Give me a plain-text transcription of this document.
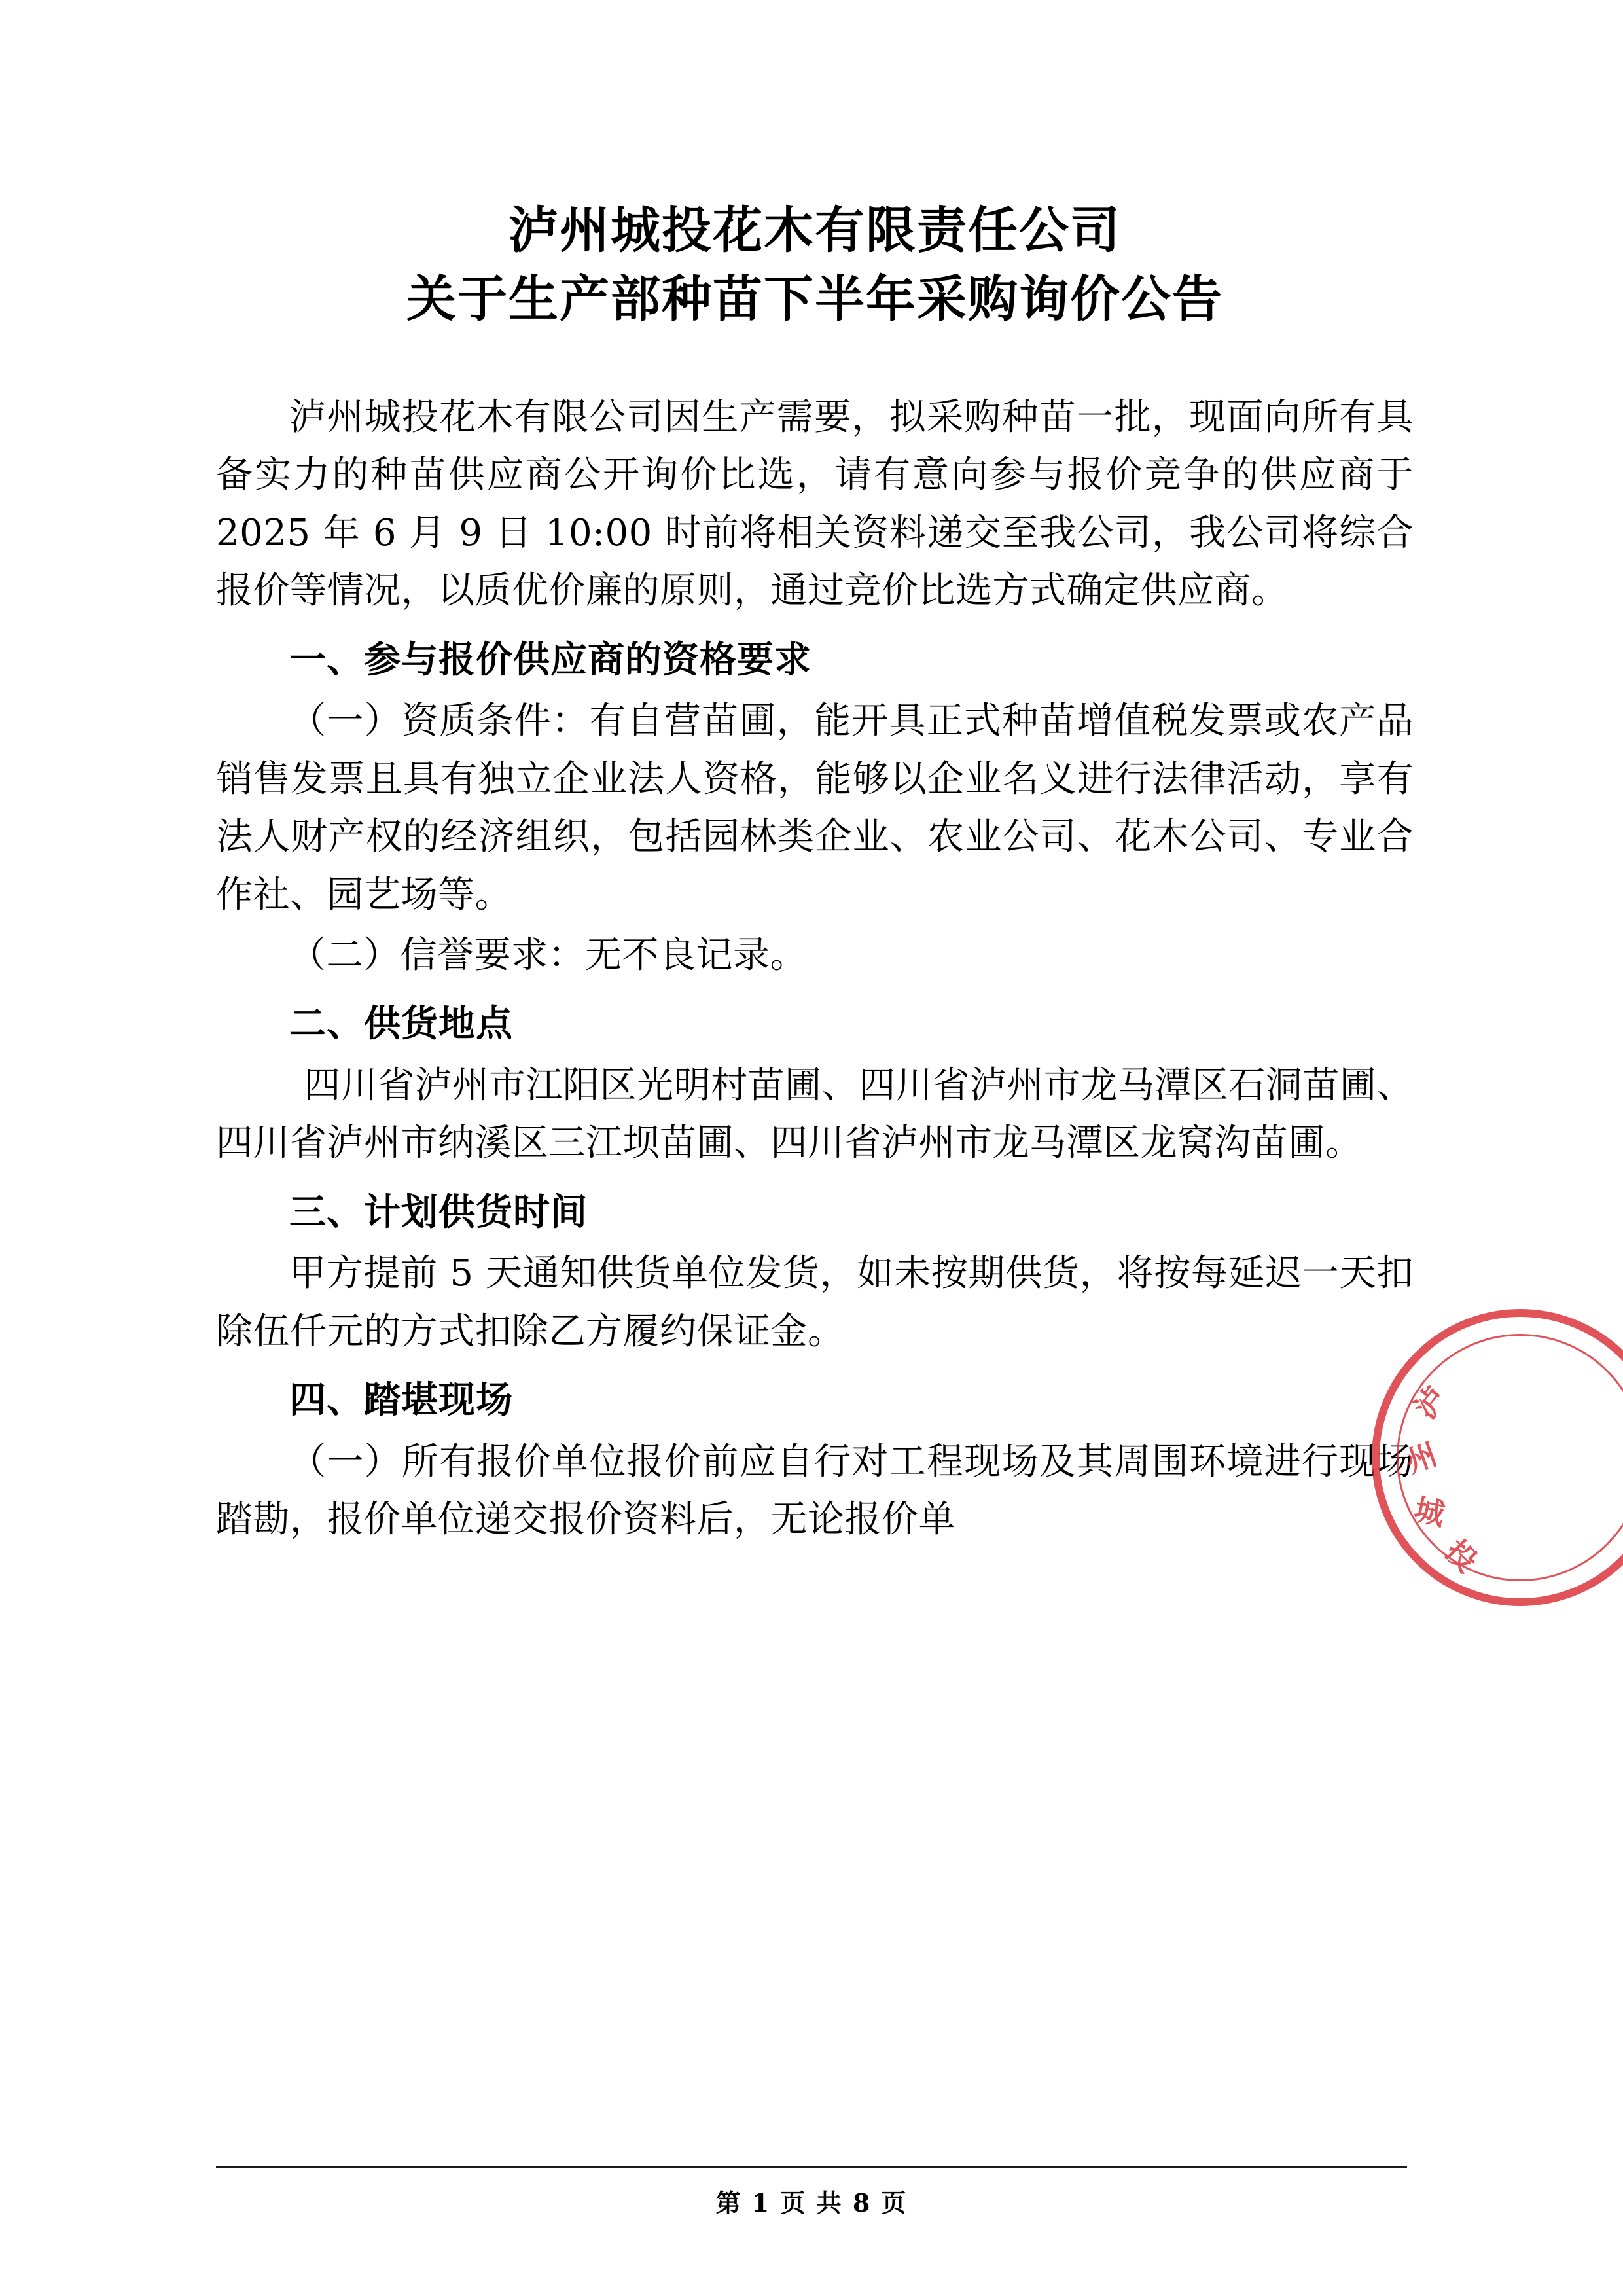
泸州城投花木有限责任公司
关于生产部种苗下半年采购询价公告

泸州城投花木有限公司因生产需要，拟采购种苗一批，现面向所有具备实力的种苗供应商公开询价比选，请有意向参与报价竞争的供应商于 2025 年 6 月 9 日 10:00 时前将相关资料递交至我公司，我公司将综合报价等情况，以质优价廉的原则，通过竞价比选方式确定供应商。

一、参与报价供应商的资格要求

（一）资质条件：有自营苗圃，能开具正式种苗增值税发票或农产品销售发票且具有独立企业法人资格，能够以企业名义进行法律活动，享有法人财产权的经济组织，包括园林类企业、农业公司、花木公司、专业合作社、园艺场等。

（二）信誉要求：无不良记录。

二、供货地点

四川省泸州市江阳区光明村苗圃、四川省泸州市龙马潭区石洞苗圃、四川省泸州市纳溪区三江坝苗圃、四川省泸州市龙马潭区龙窝沟苗圃。

三、计划供货时间

甲方提前 5 天通知供货单位发货，如未按期供货，将按每延迟一天扣除伍仟元的方式扣除乙方履约保证金。

四、踏堪现场

（一）所有报价单位报价前应自行对工程现场及其周围环境进行现场踏勘，报价单位递交报价资料后，无论报价单

泸
州
城
投
第 1 页 共 8 页
